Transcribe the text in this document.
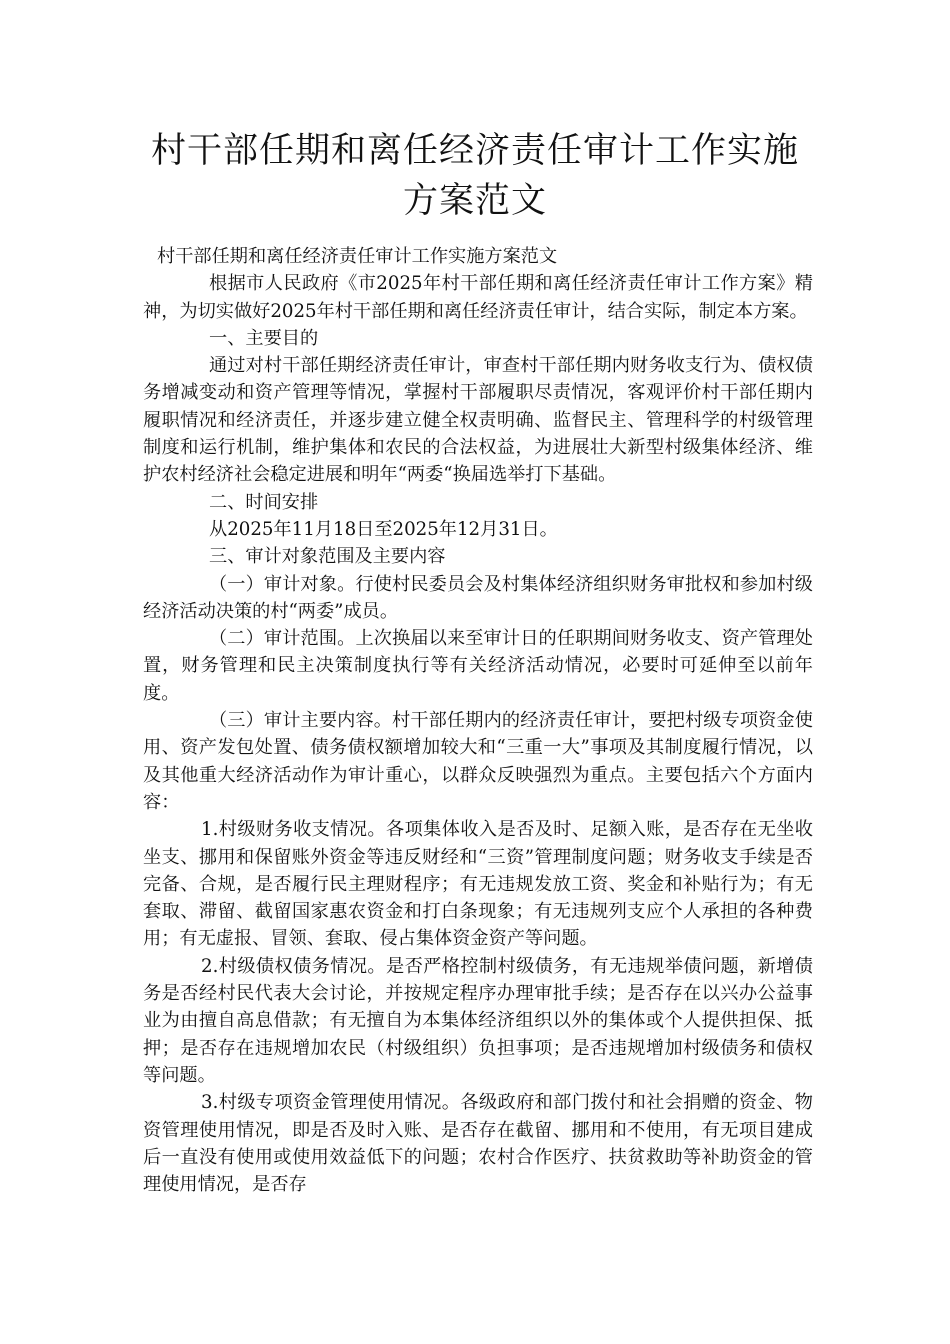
村干部任期和离任经济责任审计工作实施
方案范文

村干部任期和离任经济责任审计工作实施方案范文

根据市人民政府《市2025年村干部任期和离任经济责任审计工作方案》精神，为切实做好2025年村干部任期和离任经济责任审计，结合实际，制定本方案。

一、主要目的

通过对村干部任期经济责任审计，审查村干部任期内财务收支行为、债权债务增减变动和资产管理等情况，掌握村干部履职尽责情况，客观评价村干部任期内履职情况和经济责任，并逐步建立健全权责明确、监督民主、管理科学的村级管理制度和运行机制，维护集体和农民的合法权益，为进展壮大新型村级集体经济、维护农村经济社会稳定进展和明年“两委“换届选举打下基础。

二、时间安排

从2025年11月18日至2025年12月31日。

三、审计对象范围及主要内容

（一）审计对象。行使村民委员会及村集体经济组织财务审批权和参加村级经济活动决策的村“两委”成员。

（二）审计范围。上次换届以来至审计日的任职期间财务收支、资产管理处置，财务管理和民主决策制度执行等有关经济活动情况，必要时可延伸至以前年度。

（三）审计主要内容。村干部任期内的经济责任审计，要把村级专项资金使用、资产发包处置、债务债权额增加较大和“三重一大”事项及其制度履行情况，以及其他重大经济活动作为审计重心，以群众反映强烈为重点。主要包括六个方面内容：

1.村级财务收支情况。各项集体收入是否及时、足额入账，是否存在无坐收坐支、挪用和保留账外资金等违反财经和“三资”管理制度问题；财务收支手续是否完备、合规，是否履行民主理财程序；有无违规发放工资、奖金和补贴行为；有无套取、滞留、截留国家惠农资金和打白条现象；有无违规列支应个人承担的各种费用；有无虚报、冒领、套取、侵占集体资金资产等问题。

2.村级债权债务情况。是否严格控制村级债务，有无违规举债问题，新增债务是否经村民代表大会讨论，并按规定程序办理审批手续；是否存在以兴办公益事业为由擅自高息借款；有无擅自为本集体经济组织以外的集体或个人提供担保、抵押；是否存在违规增加农民（村级组织）负担事项；是否违规增加村级债务和债权等问题。

3.村级专项资金管理使用情况。各级政府和部门拨付和社会捐赠的资金、物资管理使用情况，即是否及时入账、是否存在截留、挪用和不使用，有无项目建成后一直没有使用或使用效益低下的问题；农村合作医疗、扶贫救助等补助资金的管理使用情况，是否存
